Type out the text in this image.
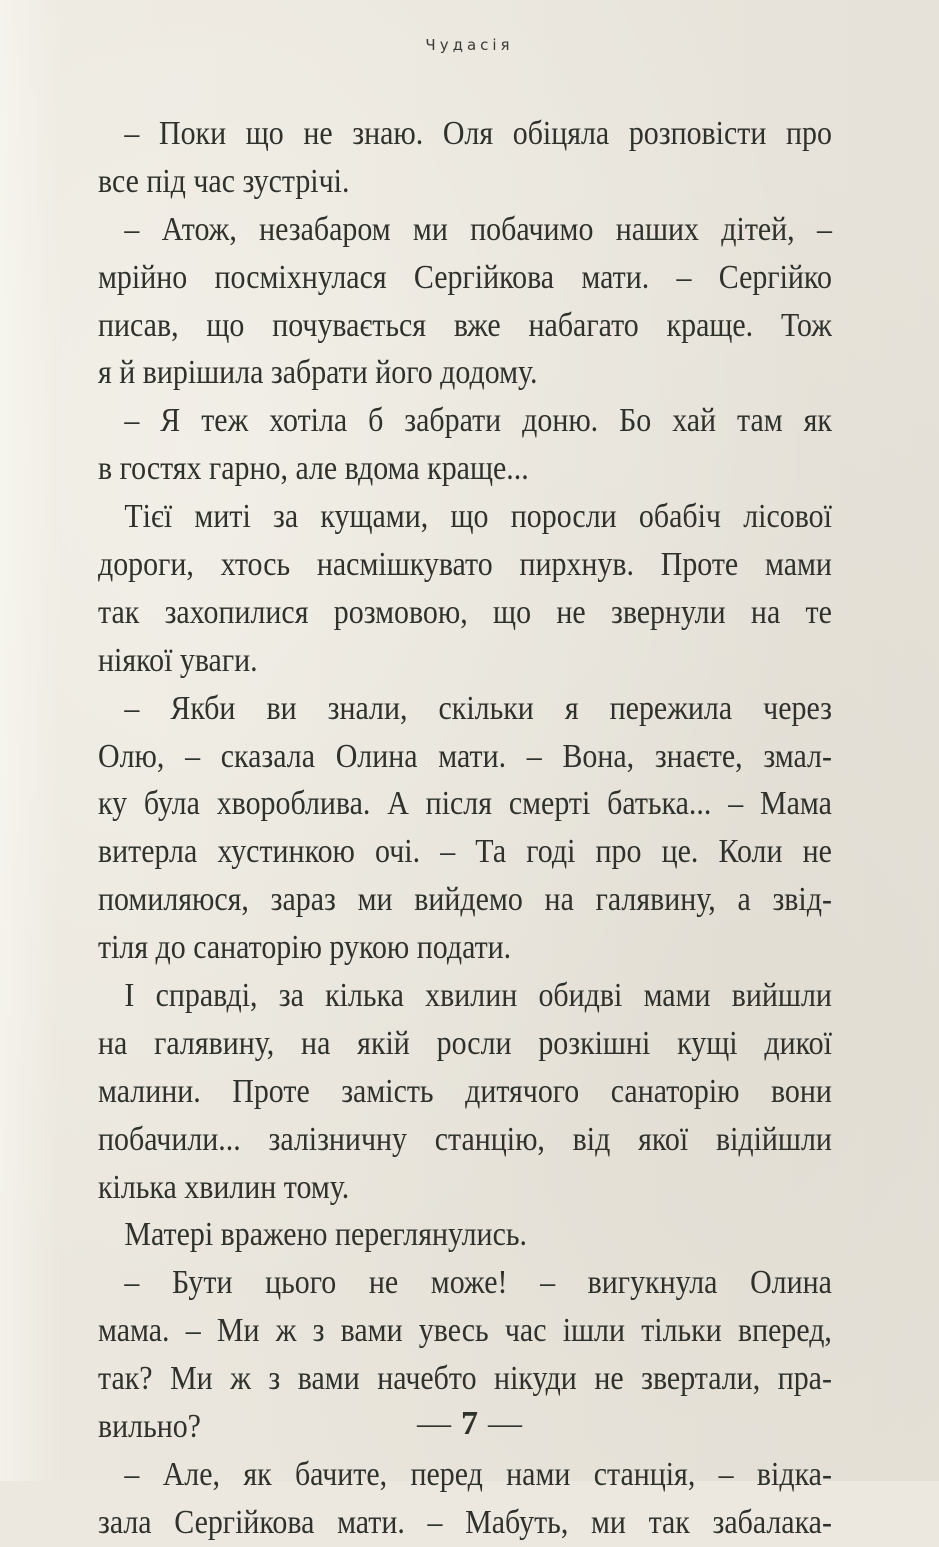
Чудасія
– Поки що не знаю. Оля обіцяла розповісти про
все під час зустрічі.
– Атож, незабаром ми побачимо наших дітей, –
мрійно посміхнулася Сергійкова мати. – Сергійко
писав, що почувається вже набагато краще. Тож
я й вирішила забрати його додому.
– Я теж хотіла б забрати доню. Бо хай там як
в гостях гарно, але вдома краще...
Тієї миті за кущами, що поросли обабіч лісової
дороги, хтось насмішкувато пирхнув. Проте мами
так захопилися розмовою, що не звернули на те
ніякої уваги.
– Якби ви знали, скільки я пережила через
Олю, – сказала Олина мати. – Вона, знаєте, змал-
ку була хвороблива. А після смерті батька... – Мама
витерла хустинкою очі. – Та годі про це. Коли не
помиляюся, зараз ми вийдемо на галявину, а звід-
тіля до санаторію рукою подати.
І справді, за кілька хвилин обидві мами вийшли
на галявину, на якій росли розкішні кущі дикої
малини. Проте замість дитячого санаторію вони
побачили... залізничну станцію, від якої відійшли
кілька хвилин тому.
Матері вражено переглянулись.
– Бути цього не може! – вигукнула Олина
мама. – Ми ж з вами увесь час ішли тільки вперед,
так? Ми ж з вами начебто нікуди не звертали, пра-
вильно?
– Але, як бачите, перед нами станція, – відка-
зала Сергійкова мати. – Мабуть, ми так забалака-
— 7 —
